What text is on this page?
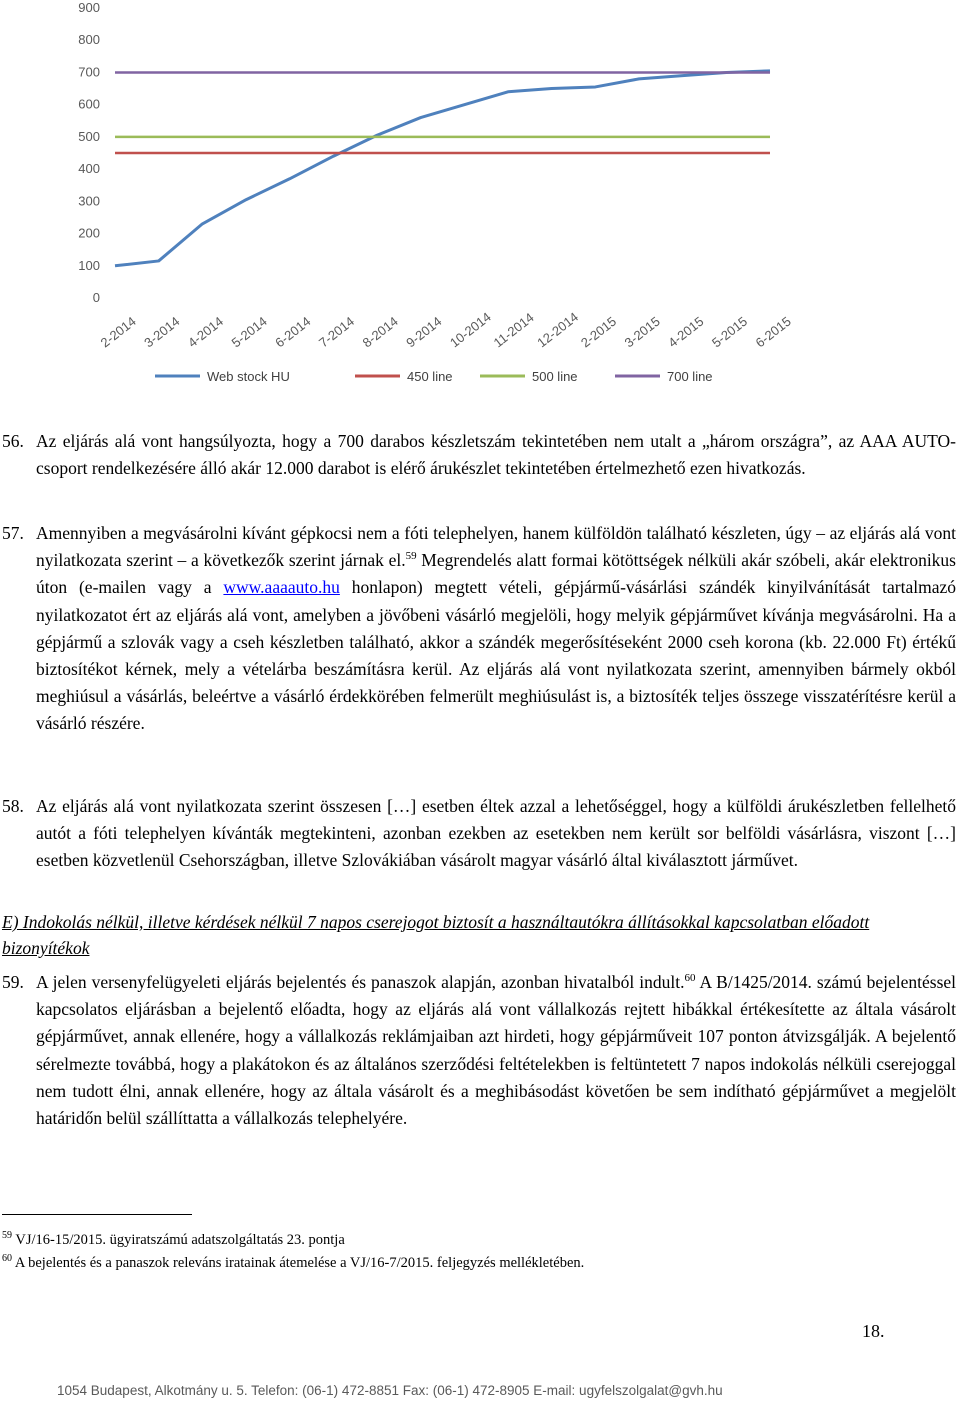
900
800
700
600
500
400
300
200
100
0
2-2014 3-2014 4-2014 5-2014 6-2014 7-2014 8-2014 9-2014 10-2014
11-2014
12-2014
2-2015 3-2015 4-2015 5-2015 6-2015
Web stock HU	450 line	500 line	700 line
56. Az eljárás alá vont hangsúlyozta, hogy a 700 darabos készletszám tekintetében nem utalt a „három országra”, az AAA AUTO-csoport rendelkezésére álló akár 12.000 darabot is elérő árukészlet tekintetében értelmezhető ezen hivatkozás.
57. Amennyiben a megvásárolni kívánt gépkocsi nem a fóti telephelyen, hanem külföldön található készleten, úgy – az eljárás alá vont nyilatkozata szerint – a következők szerint járnak el.$^{59}$ Megrendelés alatt formai kötöttségek nélküli akár szóbeli, akár elektronikus úton (e-mailen vagy a www.aaaauto.hu honlapon) megtett vételi, gépjármű-vásárlási szándék kinyilvánítását tartalmazó nyilatkozatot ért az eljárás alá vont, amelyben a jövőbeni vásárló megjelöli, hogy melyik gépjárművet kívánja megvásárolni. Ha a gépjármű a szlovák vagy a cseh készletben található, akkor a szándék megerősítéseként 2000 cseh korona (kb. 22.000 Ft) értékű biztosítékot kérnek, mely a vételárba beszámításra kerül. Az eljárás alá vont nyilatkozata szerint, amennyiben bármely okból meghiúsul a vásárlás, beleértve a vásárló érdekkörében felmerült meghiúsulást is, a biztosíték teljes összege visszatérítésre kerül a vásárló részére.
58. Az eljárás alá vont nyilatkozata szerint összesen […] esetben éltek azzal a lehetőséggel, hogy a külföldi árukészletben fellelhető autót a fóti telephelyen kívánták megtekinteni, azonban ezekben az esetekben nem került sor belföldi vásárlásra, viszont […] esetben közvetlenül Csehországban, illetve Szlovákiában vásárolt magyar vásárló által kiválasztott járművet.

E) Indokolás nélkül, illetve kérdések nélkül 7 napos cserejogot biztosít a használtautókra állításokkal kapcsolatban előadott bizonyítékok

59. A jelen versenyfelügyeleti eljárás bejelentés és panaszok alapján, azonban hivatalból indult.$^{60}$ A B/1425/2014. számú bejelentéssel kapcsolatos eljárásban a bejelentő előadta, hogy az eljárás alá vont vállalkozás rejtett hibákkal értékesítette az általa vásárolt gépjárművet, annak ellenére, hogy a vállalkozás reklámjaiban azt hirdeti, hogy gépjárműveit 107 ponton átvizsgálják. A bejelentő sérelmezte továbbá, hogy a plakátokon és az általános szerződési feltételekben is feltüntetett 7 napos indokolás nélküli cserejoggal nem tudott élni, annak ellenére, hogy az általa vásárolt és a meghibásodást követően be sem indítható gépjárművet a megjelölt határidőn belül szállíttatta a vállalkozás telephelyére.
$^{59}$ VJ/16-15/2015. ügyiratszámú adatszolgáltatás 23. pontja
$^{60}$ A bejelentés és a panaszok releváns iratainak átemelése a VJ/16-7/2015. feljegyzés mellékletében.
18.
1054 Budapest, Alkotmány u. 5. Telefon: (06-1) 472-8851 Fax: (06-1) 472-8905 E-mail: ugyfelszolgalat@gvh.hu
